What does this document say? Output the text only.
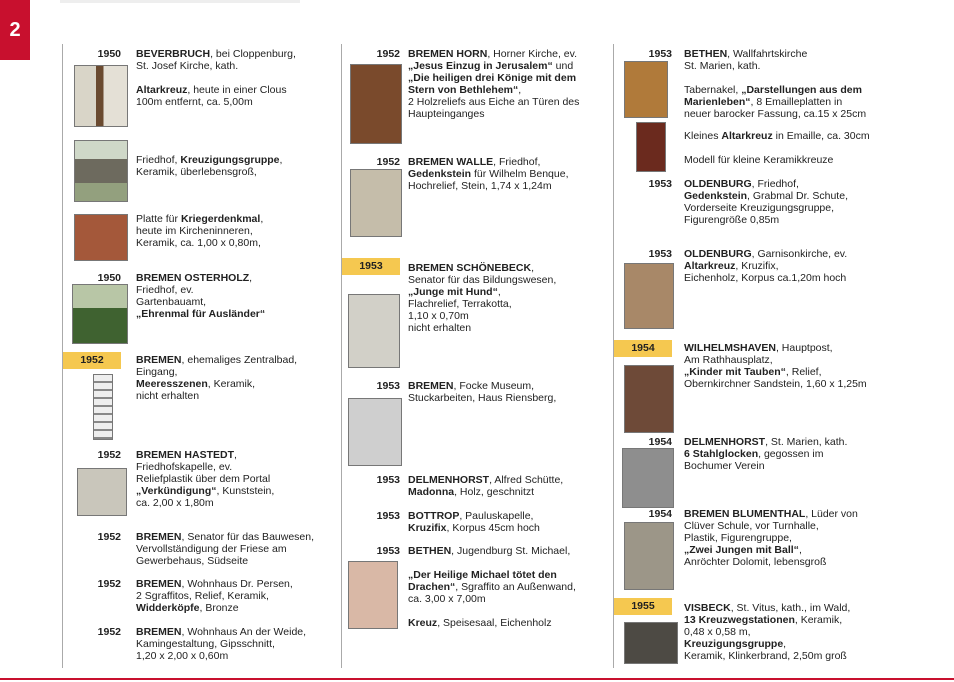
2
1950 BEVERBRUCH, bei Cloppenburg,
St. Josef Kirche, kath.

Altarkreuz, heute in einer Clous
100m entfernt, ca. 5,00m
Friedhof, Kreuzigungsgruppe,
Keramik, überlebensgroß,
Platte für Kriegerdenkmal,
heute im Kircheninneren,
Keramik, ca. 1,00 x 0,80m,
1950 BREMEN OSTERHOLZ,
Friedhof, ev.
Gartenbauamt,
„Ehrenmal für Ausländer“
1952	BREMEN, ehemaliges Zentralbad,
Eingang,
Meeresszenen, Keramik,
nicht erhalten
1952 BREMEN HASTEDT,
Friedhofskapelle, ev.
Reliefplastik über dem Portal
„Verkündigung“, Kunststein,
ca. 2,00 x 1,80m
1952 BREMEN, Senator für das Bauwesen,
Vervollständigung der Friese am
Gewerbehaus, Südseite
1952 BREMEN, Wohnhaus Dr. Persen,
2 Sgraffitos, Relief, Keramik,
Widderköpfe, Bronze
1952 BREMEN, Wohnhaus An der Weide,
Kamingestaltung, Gipsschnitt,
1,20 x 2,00 x 0,60m
1952 BREMEN HORN, Horner Kirche, ev.
„Jesus Einzug in Jerusalem“ und
„Die heiligen drei Könige mit dem
Stern von Bethlehem“,
2 Holzreliefs aus Eiche an Türen des
Haupteinganges
1952 BREMEN WALLE, Friedhof,
Gedenkstein für Wilhelm Benque,
Hochrelief, Stein, 1,74 x 1,24m
1953	BREMEN SCHÖNEBECK,
Senator für das Bildungswesen,
„Junge mit Hund“,
Flachrelief, Terrakotta,
1,10 x 0,70m
nicht erhalten
1953 BREMEN, Focke Museum,
Stuckarbeiten, Haus Riensberg,
1953 DELMENHORST, Alfred Schütte,
Madonna, Holz, geschnitzt
1953 BOTTROP, Pauluskapelle,
Kruzifix, Korpus 45cm hoch
1953 BETHEN, Jugendburg St. Michael,

„Der Heilige Michael tötet den
Drachen“, Sgraffito an Außenwand,
ca. 3,00 x 7,00m

Kreuz, Speisesaal, Eichenholz
1953 BETHEN, Wallfahrtskirche
St. Marien, kath.

Tabernakel, „Darstellungen aus dem
Marienleben“, 8 Emailleplatten in
neuer barocker Fassung, ca.15 x 25cm
Kleines Altarkreuz in Emaille, ca. 30cm

Modell für kleine Keramikkreuze
1953 OLDENBURG, Friedhof,
Gedenkstein, Grabmal Dr. Schute,
Vorderseite Kreuzigungsgruppe,
Figurengröße 0,85m
1953 OLDENBURG, Garnisonkirche, ev.
Altarkreuz, Kruzifix,
Eichenholz, Korpus ca.1,20m hoch
1954	WILHELMSHAVEN, Hauptpost,
Am Rathhausplatz,
„Kinder mit Tauben“, Relief,
Obernkirchner Sandstein, 1,60 x 1,25m
1954 DELMENHORST, St. Marien, kath.
6 Stahlglocken, gegossen im
Bochumer Verein
1954 BREMEN BLUMENTHAL, Lüder von
Clüver Schule, vor Turnhalle,
Plastik, Figurengruppe,
„Zwei Jungen mit Ball“,
Anröchter Dolomit, lebensgroß
1955	VISBECK, St. Vitus, kath., im Wald,
13 Kreuzwegstationen, Keramik,
0,48 x 0,58 m,
Kreuzigungsgruppe,
Keramik, Klinkerbrand, 2,50m groß
